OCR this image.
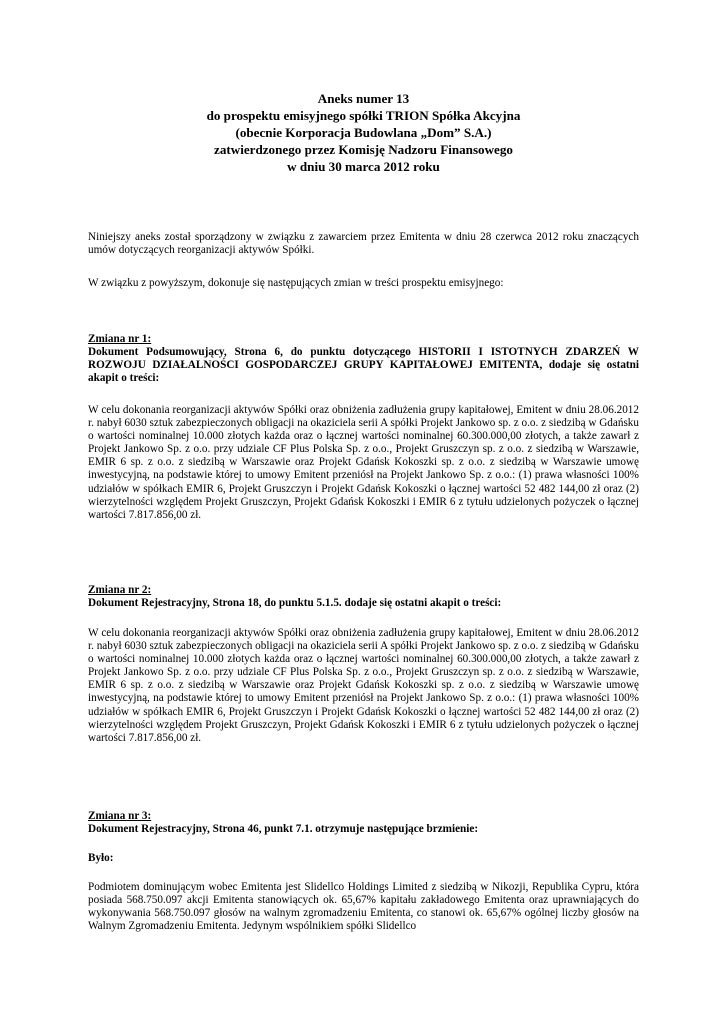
Aneks numer 13
do prospektu emisyjnego spółki TRION Spółka Akcyjna
(obecnie Korporacja Budowlana „Dom” S.A.)
zatwierdzonego przez Komisję Nadzoru Finansowego
w dniu 30 marca 2012 roku

Niniejszy aneks został sporządzony w związku z zawarciem przez Emitenta w dniu 28 czerwca 2012 roku znaczących umów dotyczących reorganizacji aktywów Spółki.

W związku z powyższym, dokonuje się następujących zmian w treści prospektu emisyjnego:

Zmiana nr 1:

Dokument Podsumowujący, Strona 6, do punktu dotyczącego HISTORII I ISTOTNYCH ZDARZEŃ W ROZWOJU DZIAŁALNOŚCI GOSPODARCZEJ GRUPY KAPITAŁOWEJ EMITENTA, dodaje się ostatni akapit o treści:

W celu dokonania reorganizacji aktywów Spółki oraz obniżenia zadłużenia grupy kapitałowej, Emitent w dniu 28.06.2012 r. nabył 6030 sztuk zabezpieczonych obligacji na okaziciela serii A spółki Projekt Jankowo sp. z o.o. z siedzibą w Gdańsku o wartości nominalnej 10.000 złotych każda oraz o łącznej wartości nominalnej 60.300.000,00 złotych, a także zawarł z Projekt Jankowo Sp. z o.o. przy udziale CF Plus Polska Sp. z o.o., Projekt Gruszczyn sp. z o.o. z siedzibą w Warszawie, EMIR 6 sp. z o.o. z siedzibą w Warszawie oraz Projekt Gdańsk Kokoszki sp. z o.o. z siedzibą w Warszawie umowę inwestycyjną, na podstawie której to umowy Emitent przeniósł na Projekt Jankowo Sp. z o.o.: (1) prawa własności 100% udziałów w spółkach EMIR 6, Projekt Gruszczyn i Projekt Gdańsk Kokoszki o łącznej wartości 52 482 144,00 zł oraz (2) wierzytelności względem Projekt Gruszczyn, Projekt Gdańsk Kokoszki i EMIR 6 z tytułu udzielonych pożyczek o łącznej wartości 7.817.856,00 zł.

Zmiana nr 2:

Dokument Rejestracyjny, Strona 18, do punktu 5.1.5. dodaje się ostatni akapit o treści:

W celu dokonania reorganizacji aktywów Spółki oraz obniżenia zadłużenia grupy kapitałowej, Emitent w dniu 28.06.2012 r. nabył 6030 sztuk zabezpieczonych obligacji na okaziciela serii A spółki Projekt Jankowo sp. z o.o. z siedzibą w Gdańsku o wartości nominalnej 10.000 złotych każda oraz o łącznej wartości nominalnej 60.300.000,00 złotych, a także zawarł z Projekt Jankowo Sp. z o.o. przy udziale CF Plus Polska Sp. z o.o., Projekt Gruszczyn sp. z o.o. z siedzibą w Warszawie, EMIR 6 sp. z o.o. z siedzibą w Warszawie oraz Projekt Gdańsk Kokoszki sp. z o.o. z siedzibą w Warszawie umowę inwestycyjną, na podstawie której to umowy Emitent przeniósł na Projekt Jankowo Sp. z o.o.: (1) prawa własności 100% udziałów w spółkach EMIR 6, Projekt Gruszczyn i Projekt Gdańsk Kokoszki o łącznej wartości 52 482 144,00 zł oraz (2) wierzytelności względem Projekt Gruszczyn, Projekt Gdańsk Kokoszki i EMIR 6 z tytułu udzielonych pożyczek o łącznej wartości 7.817.856,00 zł.

Zmiana nr 3:

Dokument Rejestracyjny, Strona 46, punkt 7.1. otrzymuje następujące brzmienie:

Było:

Podmiotem dominującym wobec Emitenta jest Slidellco Holdings Limited z siedzibą w Nikozji, Republika Cypru, która posiada 568.750.097 akcji Emitenta stanowiących ok. 65,67% kapitału zakładowego Emitenta oraz uprawniających do wykonywania 568.750.097 głosów na walnym zgromadzeniu Emitenta, co stanowi ok. 65,67% ogólnej liczby głosów na Walnym Zgromadzeniu Emitenta. Jedynym wspólnikiem spółki Slidellco
